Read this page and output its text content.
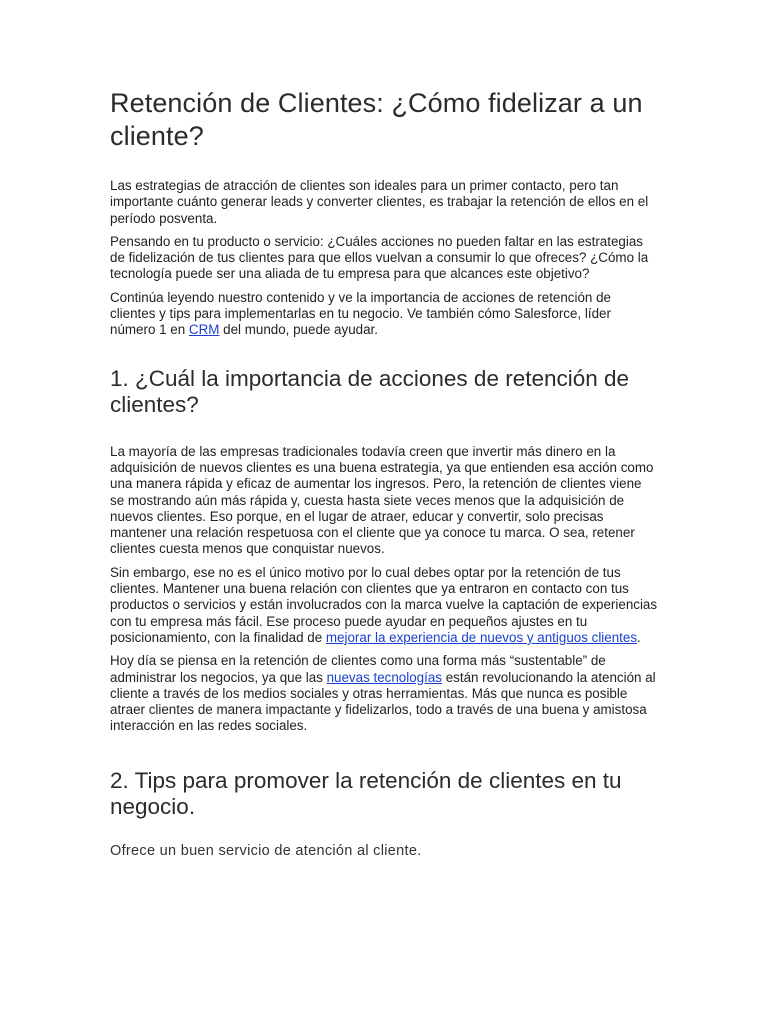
Retención de Clientes: ¿Cómo fidelizar a un cliente?

Las estrategias de atracción de clientes son ideales para un primer contacto, pero tan importante cuánto generar leads y converter clientes, es trabajar la retención de ellos en el período posventa.

Pensando en tu producto o servicio: ¿Cuáles acciones no pueden faltar en las estrategias de fidelización de tus clientes para que ellos vuelvan a consumir lo que ofreces? ¿Cómo la tecnología puede ser una aliada de tu empresa para que alcances este objetivo?

Continúa leyendo nuestro contenido y ve la importancia de acciones de retención de clientes y tips para implementarlas en tu negocio. Ve también cómo Salesforce, líder número 1 en CRM del mundo, puede ayudar.

1. ¿Cuál la importancia de acciones de retención de clientes?

La mayoría de las empresas tradicionales todavía creen que invertir más dinero en la adquisición de nuevos clientes es una buena estrategia, ya que entienden esa acción como una manera rápida y eficaz de aumentar los ingresos. Pero, la retención de clientes viene se mostrando aún más rápida y, cuesta hasta siete veces menos que la adquisición de nuevos clientes. Eso porque, en el lugar de atraer, educar y convertir, solo precisas mantener una relación respetuosa con el cliente que ya conoce tu marca. O sea, retener clientes cuesta menos que conquistar nuevos.

Sin embargo, ese no es el único motivo por lo cual debes optar por la retención de tus clientes. Mantener una buena relación con clientes que ya entraron en contacto con tus productos o servicios y están involucrados con la marca vuelve la captación de experiencias con tu empresa más fácil. Ese proceso puede ayudar en pequeños ajustes en tu posicionamiento, con la finalidad de mejorar la experiencia de nuevos y antiguos clientes.

Hoy día se piensa en la retención de clientes como una forma más “sustentable” de administrar los negocios, ya que las nuevas tecnologías están revolucionando la atención al cliente a través de los medios sociales y otras herramientas. Más que nunca es posible atraer clientes de manera impactante y fidelizarlos, todo a través de una buena y amistosa interacción en las redes sociales.

2. Tips para promover la retención de clientes en tu negocio.

Ofrece un buen servicio de atención al cliente.
